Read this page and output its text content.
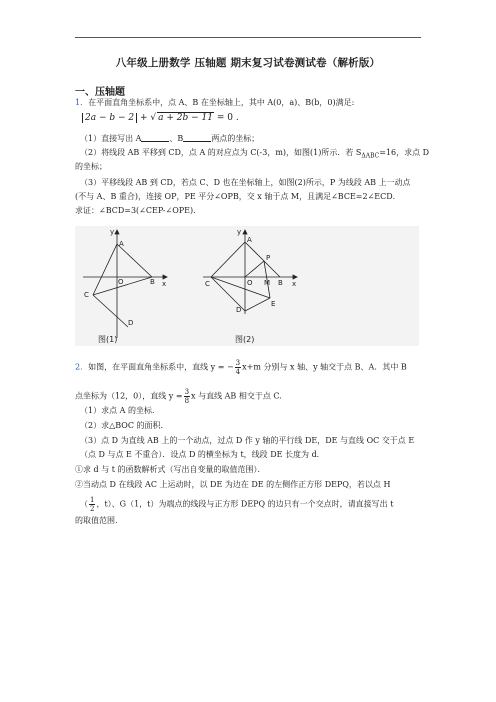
八年级上册数学 压轴题 期末复习试卷测试卷（解析版）
一、压轴题
1．在平面直角坐标系中，点 A、B 在坐标轴上，其中 A(0，a)、B(b，0)满足:
2a − b − 2 + √ a + 2b − 11 = 0 .
（1）直接写出 A	、B	两点的坐标；
（2）将线段 AB 平移到 CD，点 A 的对应点为 C(-3，m)，如图(1)所示．若 $S_{\Delta ABC}=16$，求点 D
的坐标；
（3）平移线段 AB 到 CD，若点 C、D 也在坐标轴上，如图(2)所示，P 为线段 AB 上一动点
(不与 A、B 重合)，连接 OP，PE 平分∠OPB，交 x 轴于点 M，且满足∠BCE=2∠ECD．
求证：∠BCD=3(∠CEP-∠OPE)．
y
x
A
O	B
C
D
y
x
A
P
C	O M B
D
E
图(1)	图(2)
2．如图，在平面直角坐标系中，直线 y = − $\frac{3}{4} x+m$ 分别与 x 轴、y 轴交于点 B、A．其中 B
点坐标为（12，0），直线 $y = \frac{3}{8}$ x 与直线 AB 相交于点 C.
（1）求点 A 的坐标.
（2）求△BOC 的面积.
（3）点 D 为直线 AB 上的一个动点，过点 D 作 y 轴的平行线 DE，DE 与直线 OC 交于点 E
（点 D 与点 E 不重合）．设点 D 的横坐标为 t，线段 DE 长度为 d．
①求 d 与 t 的函数解析式（写出自变量的取值范围）．
②当动点 D 在线段 AC 上运动时，以 DE 为边在 DE 的左侧作正方形 DEPQ，若以点 H
（ $\frac{1}{2}$ ，t）、G（1，t）为端点的线段与正方形 DEPQ 的边只有一个交点时，请直接写出 t
的取值范围.
